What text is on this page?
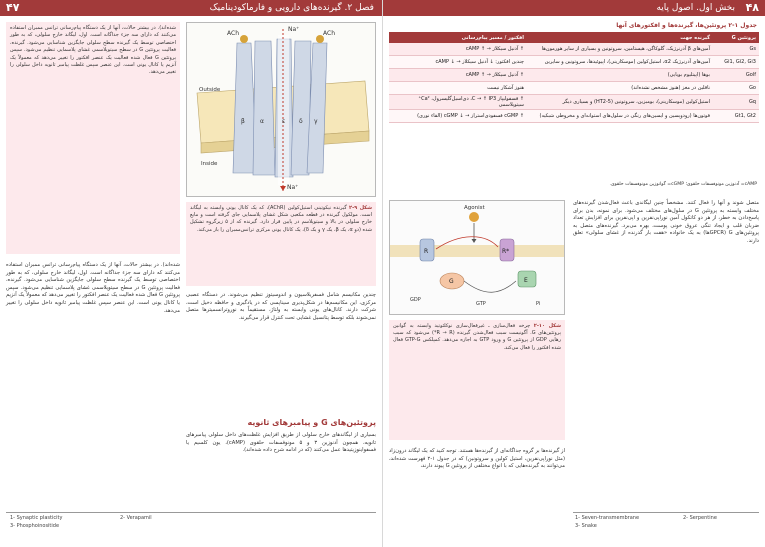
۴۷	فصل ۲. گیرنده‌های دارویی و فارماکودینامیک
ACh
Na⁺
ACh
Outside
Inside
Na⁺
β	α	δ γ
ε
شده‌اند). در بیشتر حالات، آنها از یک دستگاه پیام‌رسانی ترانس ممبران استفاده می‌کنند که دارای سه جزء جداگانه است. اول، لیگاند خارج سلولی، که به طور اختصاصی توسط یک گیرنده سطح سلولی جایگزین شناسایی می‌شود. گیرنده، فعالیت پروتئین G در سطح سیتوپلاسمی غشای پلاسمایی تنظیم می‌شود. سپس پروتئین G فعال شده فعالیت یک عنصر افکتور را تغییر می‌دهد که معمولاً یک آنزیم یا کانال یونی است. این عنصر سپس غلظت پیامبر ثانویه داخل سلولی را تغییر می‌دهد.
شکل ۹-۲ گیرنده نیکوتینی استیل‌کولین (AChR)، که یک کانال یونی وابسته به لیگاند است. مولکول گیرنده در قطعه مکعبی شکل غشای پلاسمایی جای گرفته است و مایع خارج سلولی در بالا و سیتوپلاسم در پایین قرار دارد. گیرنده که از ۵ زیرگروه تشکیل شده (دو α، یک β، یک γ و یک δ)، یک کانال یونی مرکزی ترانس‌ممبران را باز می‌کند.

شده‌اند). در بیشتر حالات، آنها از یک دستگاه پیام‌رسانی ترانس ممبران استفاده می‌کنند که دارای سه جزء جداگانه است. اول، لیگاند خارج سلولی، که به طور اختصاصی توسط یک گیرنده سطح سلولی جایگزین شناسایی می‌شود. گیرنده، فعالیت پروتئین G در سطح سیتوپلاسمی غشای پلاسمایی تنظیم می‌شود. سپس پروتئین G فعال شده فعالیت یک عنصر افکتور را تغییر می‌دهد که معمولاً یک آنزیم یا کانال یونی است. این عنصر سپس غلظت پیامبر ثانویه داخل سلولی را تغییر می‌دهد.

چندین مکانیسم شامل فسفریلاسیون و اندوسیتوز تنظیم می‌شوند. در دستگاه عصبی مرکزی، این مکانیسم‌ها در شکل‌پذیری سیناپسی که در یادگیری و حافظه دخیل است، شرکت دارند. کانال‌های یونی وابسته به ولتاژ، مستقیماً به نوروترانسمیترها متصل نمی‌شوند بلکه توسط پتانسیل غشایی تحت کنترل قرار می‌گیرند.

پروتئین‌های G و پیامبرهای ثانویه

بسیاری از لیگاندهای خارج سلولی از طریق افزایش غلظت‌های داخل سلولی پیامبرهای ثانویه، همچون آدنوزین ۳ و ۵ مونوفسفات حلقوی (cAMP)، یون کلسیم یا فسفواینوزیتیدها عمل می‌کنند (که در ادامه شرح داده شده‌اند).

1- Synaptic plasticity	2- Verapamil
3- Phosphoinositide
۴۸
بخش اول. اصول پایه
جدول ۱-۲ پروتئین‌ها، گیرنده‌ها و افکتورهای آنها
پروتئین G	گیرنده جهت	افکتور / مسیر پیام‌رسانی
Gs	آمین‌های β آدرنرژیک، گلوکاگن، هیستامین، سروتونین و بسیاری از سایر هورمون‌ها	↑ آدنیل سیکلاز → ↑ cAMP
Gi1, Gi2, Gi3	آمین‌های آدرنرژیک α2، استیل‌کولین (موسکارینی)، اپیوئیدها، سروتونین و سایرین	چندین افکتور: ↓ آدنیل سیکلاز → ↓ cAMP
Golf	بوها (اپیتلیوم بویایی)	↑ آدنیل سیکلاز → ↑ cAMP
Go	ناقلین در مغز (هنوز مشخص نشده‌اند)	هنوز آشکار نیست
Gq	استیل‌کولین (موسکارینی)، بومبزین، سروتونین (5-HT2) و بسیاری دیگر	↑ فسفولیپاز C → ↑ IP3، دی‌اسیل‌گلیسرول، Ca²⁺ سیتوپلاسمی
Gt1, Gt2	فوتون‌ها (رودوپسین و ایسین‌های رنگی در سلول‌های استوانه‌ای و مخروطی شبکیه)	↑ cGMP فسفودی‌استراز → ↓ cGMP (القاء نوری)
cAMP= آدنوزین مونوفسفات حلقوی؛ cGMP= گوانوزین مونوفسفات حلقوی.
Agonist
R	R*
G	E
GDP
GTP	Pi

متصل شوند و آنها را فعال کنند. مشخصاً چنین لیگاندی باعث فعال‌شدن گیرنده‌های مختلف وابسته به پروتئین G در سلول‌های مختلف می‌شود. برای نمونه، بدن برای پاسخ‌دادن به خطر، از هر دو کاتکول آمین نوراپی‌نفرین و اپی‌نفرین برای افزایش تعداد ضربان قلب و ایجاد تنگی عروق خونی پوست، بهره می‌برد. گیرنده‌های متصل به پروتئین‌های G (GPCRها) به یک خانواده «هفت بار گذرنده از غشای سلولی» تعلق دارند.

شکل ۱۰-۲ چرخه فعال‌سازی ـ غیرفعال‌سازی نوکلئوتید وابسته به گوانین پروتئین‌های G. آگونیست سبب فعال‌شدن گیرنده (R → R*) می‌شود که سبب رهایی GDP از پروتئین G و ورود GTP به اجازه می‌دهد. کمپلکس GTP-G فعال شده افکتور را فعال می‌کند.

از گیرنده‌ها بر گروه جداگانه‌ای از گیرنده‌ها هستند. توجه کنید که یک لیگاند درون‌زاد (مثل نوراپی‌نفرین، استیل کولین و سروتونین) که در جدول ۱-۲ فهرست شده‌اند، می‌توانند به گیرنده‌هایی که با انواع مختلفی از پروتئین G پیوند دارند،

1- Seven-transmembrane	2- Serpentine
3- Snake
